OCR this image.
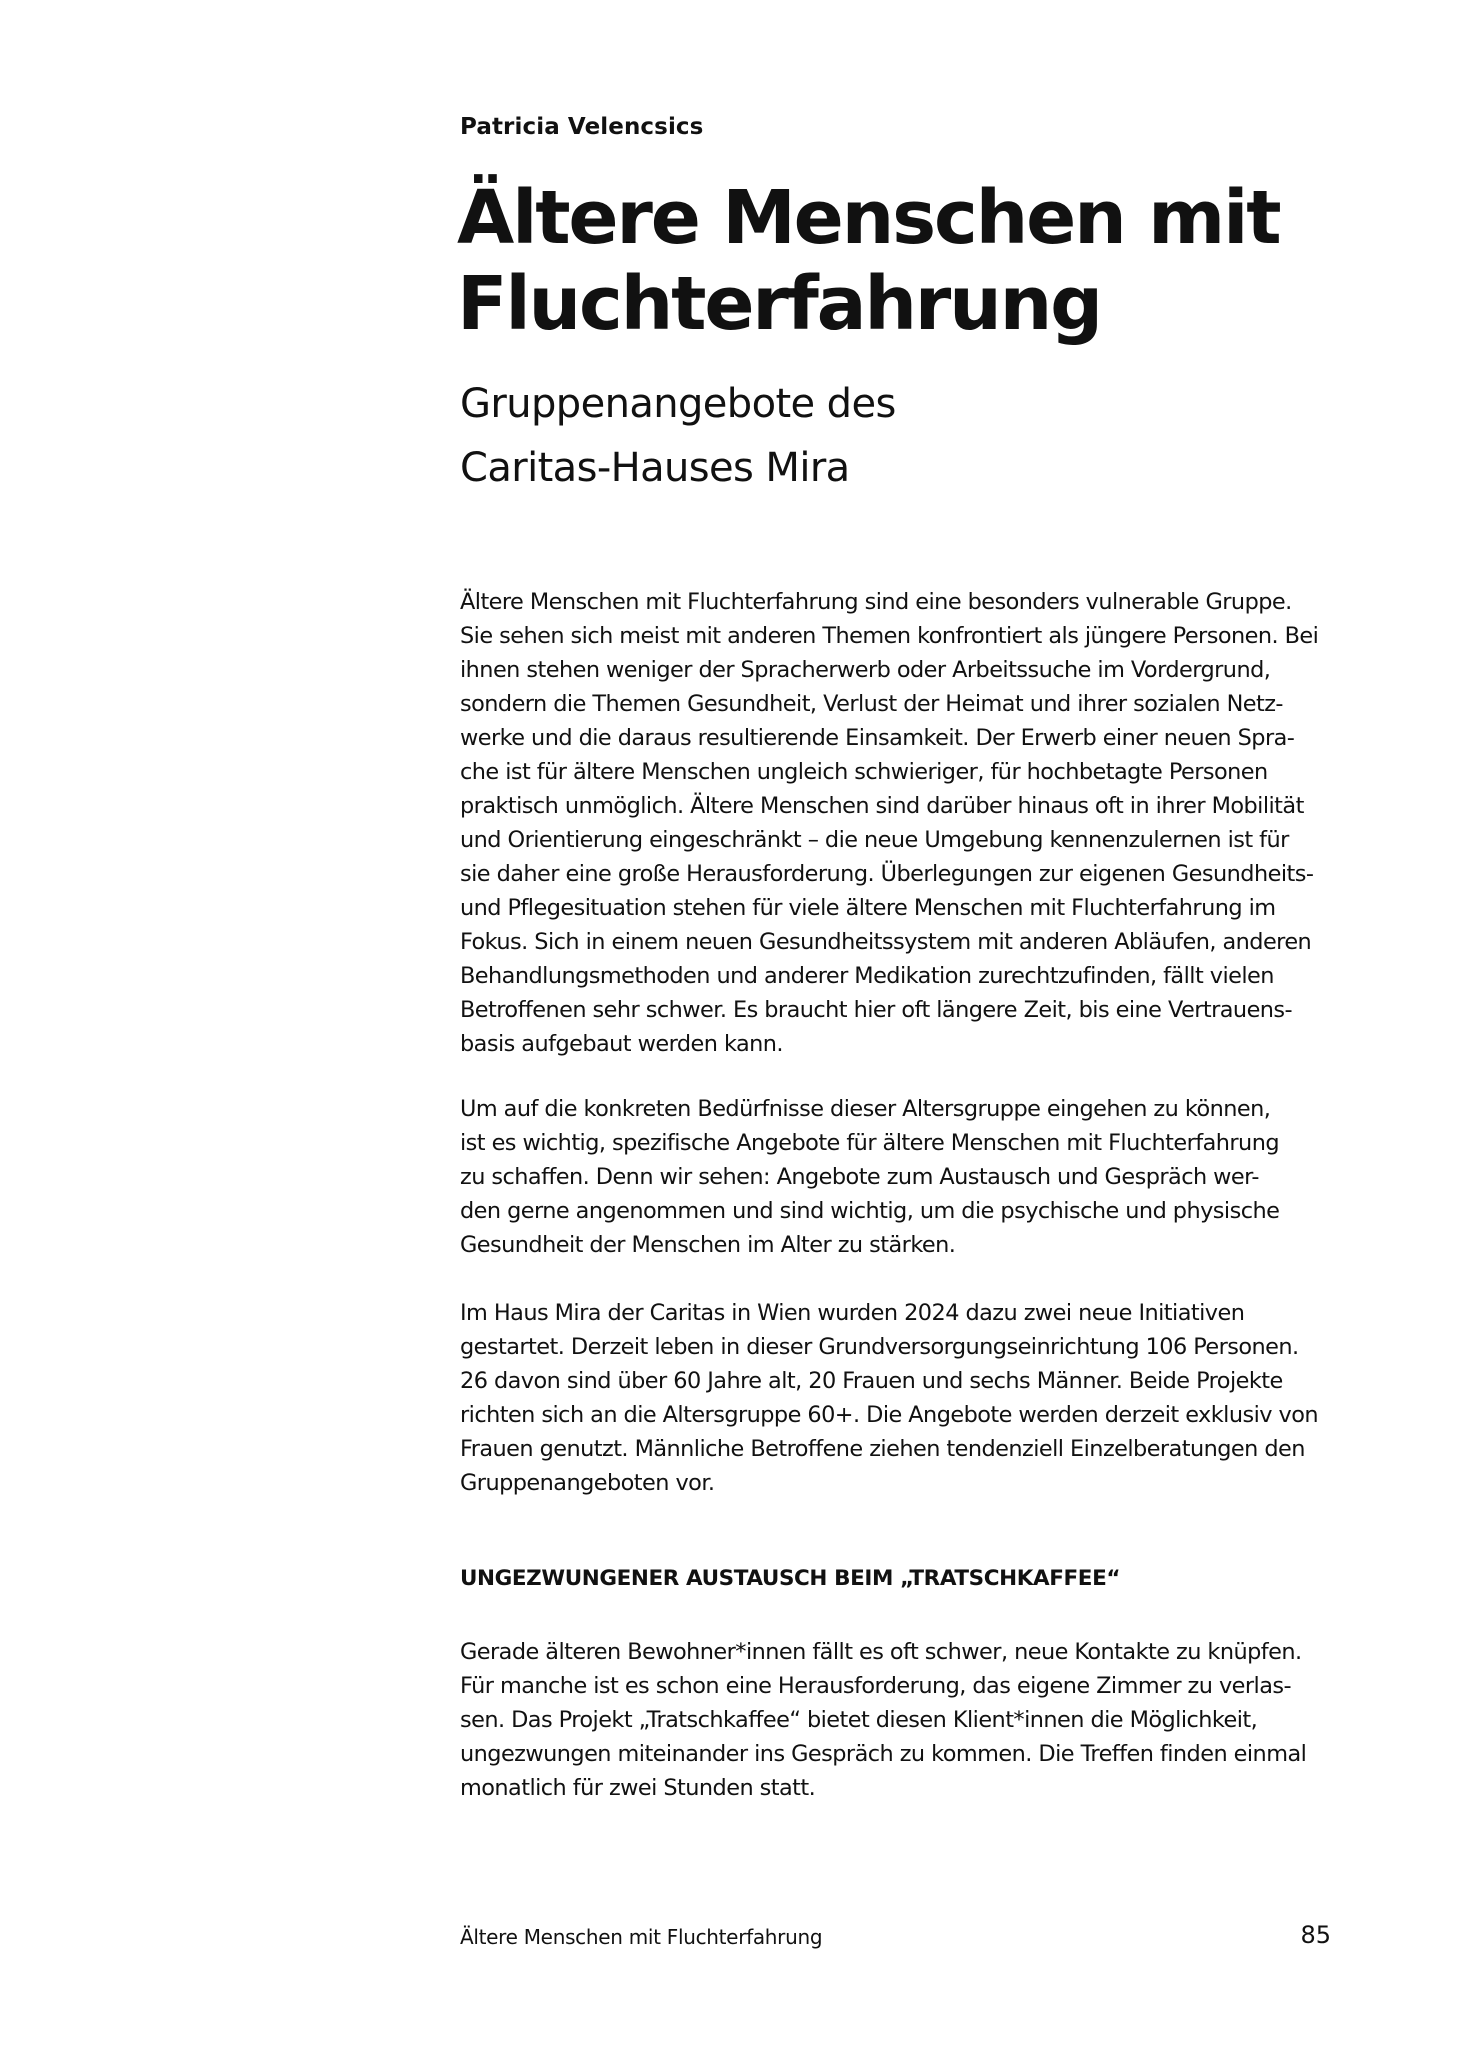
Patricia Velencsics
Ältere Menschen mit
Fluchterfahrung
Gruppenangebote des
Caritas-Hauses Mira

Ältere Menschen mit Fluchterfahrung sind eine besonders vulnerable Gruppe.
Sie sehen sich meist mit anderen Themen konfrontiert als jüngere Personen. Bei
ihnen stehen weniger der Spracherwerb oder Arbeitssuche im Vordergrund,
sondern die Themen Gesundheit, Verlust der Heimat und ihrer sozialen Netz-
werke und die daraus resultierende Einsamkeit. Der Erwerb einer neuen Spra-
che ist für ältere Menschen ungleich schwieriger, für hochbetagte Personen
praktisch unmöglich. Ältere Menschen sind darüber hinaus oft in ihrer Mobilität
und Orientierung eingeschränkt – die neue Umgebung kennenzulernen ist für
sie daher eine große Herausforderung. Überlegungen zur eigenen Gesundheits-
und Pflegesituation stehen für viele ältere Menschen mit Fluchterfahrung im
Fokus. Sich in einem neuen Gesundheitssystem mit anderen Abläufen, anderen
Behandlungsmethoden und anderer Medikation zurechtzufinden, fällt vielen
Betroffenen sehr schwer. Es braucht hier oft längere Zeit, bis eine Vertrauens-
basis aufgebaut werden kann.

Um auf die konkreten Bedürfnisse dieser Altersgruppe eingehen zu können,
ist es wichtig, spezifische Angebote für ältere Menschen mit Fluchterfahrung
zu schaffen. Denn wir sehen: Angebote zum Austausch und Gespräch wer-
den gerne angenommen und sind wichtig, um die psychische und physische
Gesundheit der Menschen im Alter zu stärken.

Im Haus Mira der Caritas in Wien wurden 2024 dazu zwei neue Initiativen
gestartet. Derzeit leben in dieser Grundversorgungseinrichtung 106 Personen.
26 davon sind über 60 Jahre alt, 20 Frauen und sechs Männer. Beide Projekte
richten sich an die Altersgruppe 60+. Die Angebote werden derzeit exklusiv von
Frauen genutzt. Männliche Betroffene ziehen tendenziell Einzelberatungen den
Gruppenangeboten vor.

UNGEZWUNGENER AUSTAUSCH BEIM „TRATSCHKAFFEE“

Gerade älteren Bewohner*innen fällt es oft schwer, neue Kontakte zu knüpfen.
Für manche ist es schon eine Herausforderung, das eigene Zimmer zu verlas-
sen. Das Projekt „Tratschkaffee“ bietet diesen Klient*innen die Möglichkeit,
ungezwungen miteinander ins Gespräch zu kommen. Die Treffen finden einmal
monatlich für zwei Stunden statt.

Ältere Menschen mit Fluchterfahrung	85
